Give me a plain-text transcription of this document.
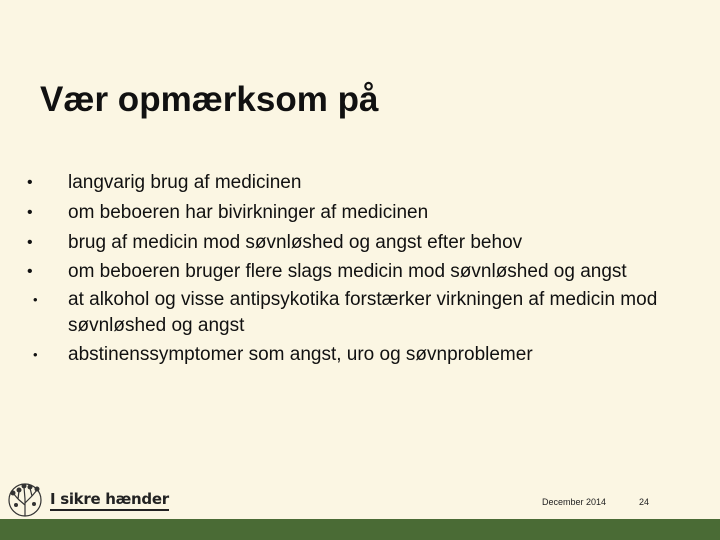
Vær opmærksom på
• langvarig brug af medicinen
• om beboeren har bivirkninger af medicinen
• brug af medicin mod søvnløshed og angst efter behov
• om beboeren bruger flere slags medicin mod søvnløshed og angst
• at alkohol og visse antipsykotika forstærker virkningen af medicin mod søvnløshed og angst
• abstinenssymptomer som angst, uro og søvnproblemer
I sikre hænder	December 2014	24
